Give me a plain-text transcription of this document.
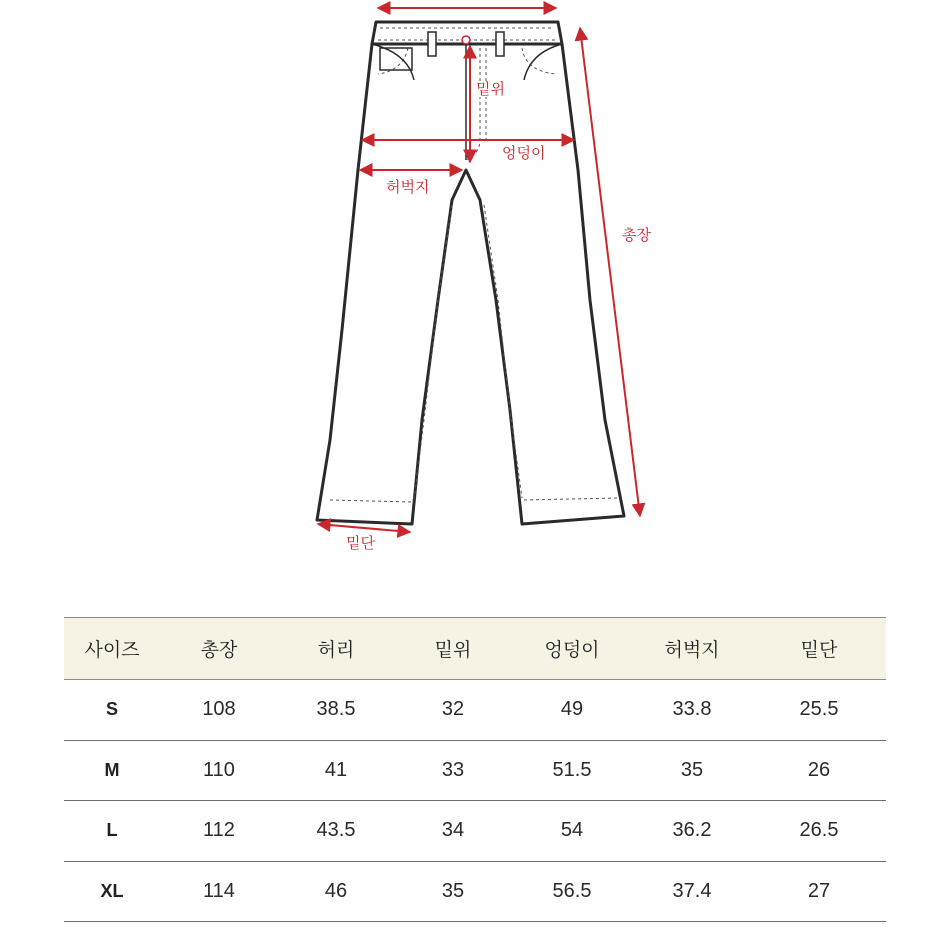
밑위
엉덩이
허벅지
총장
밑단
사이즈	총장	허리	밑위	엉덩이	허벅지	밑단
S	108	38.5	32	49	33.8	25.5
M	110	41	33	51.5	35	26
L	112	43.5	34	54	36.2	26.5
XL	114	46	35	56.5	37.4	27
